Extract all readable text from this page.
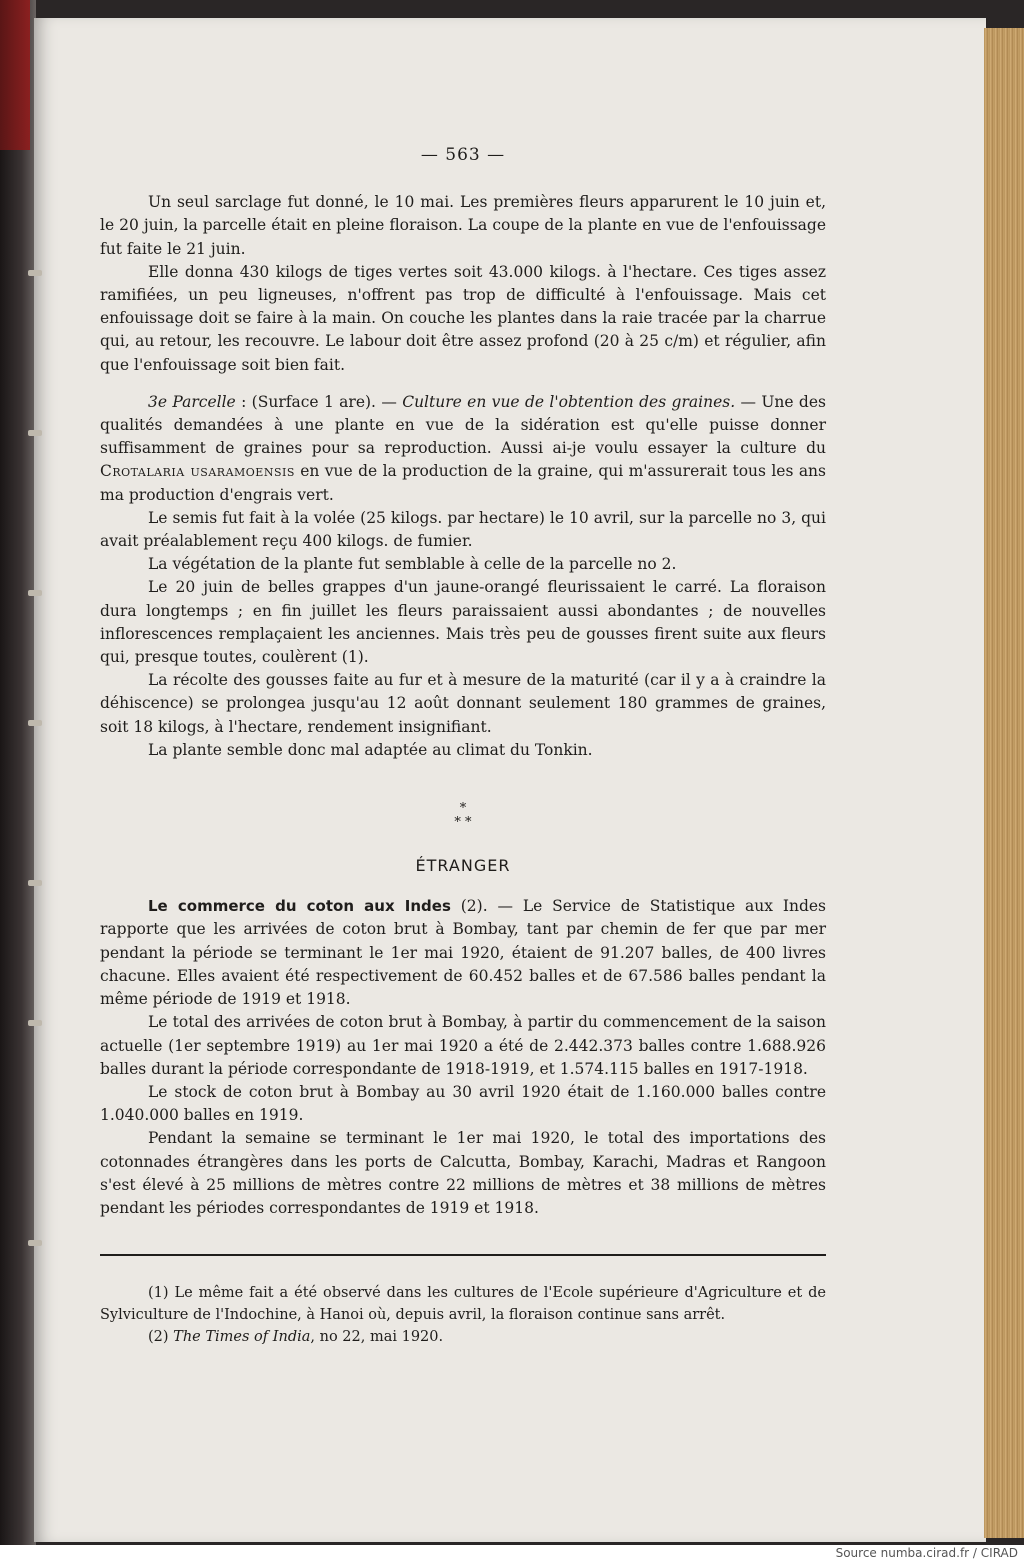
— 563 —

Un seul sarclage fut donné, le 10 mai. Les premières fleurs apparurent le 10 juin et, le 20 juin, la parcelle était en pleine floraison. La coupe de la plante en vue de l'enfouissage fut faite le 21 juin.

Elle donna 430 kilogs de tiges vertes soit 43.000 kilogs. à l'hectare. Ces tiges assez ramifiées, un peu ligneuses, n'offrent pas trop de difficulté à l'enfouissage. Mais cet enfouissage doit se faire à la main. On couche les plantes dans la raie tracée par la charrue qui, au retour, les recouvre. Le labour doit être assez profond (20 à 25 c/m) et régulier, afin que l'enfouissage soit bien fait.

3e Parcelle : (Surface 1 are). — Culture en vue de l'obtention des graines. — Une des qualités demandées à une plante en vue de la sidération est qu'elle puisse donner suffisamment de graines pour sa reproduction. Aussi ai-je voulu essayer la culture du Crotalaria usaramoensis en vue de la production de la graine, qui m'assurerait tous les ans ma production d'engrais vert.

Le semis fut fait à la volée (25 kilogs. par hectare) le 10 avril, sur la parcelle no 3, qui avait préalablement reçu 400 kilogs. de fumier.

La végétation de la plante fut semblable à celle de la parcelle no 2.

Le 20 juin de belles grappes d'un jaune-orangé fleurissaient le carré. La floraison dura longtemps ; en fin juillet les fleurs paraissaient aussi abondantes ; de nouvelles inflorescences remplaçaient les anciennes. Mais très peu de gousses firent suite aux fleurs qui, presque toutes, coulèrent (1).

La récolte des gousses faite au fur et à mesure de la maturité (car il y a à craindre la déhiscence) se prolongea jusqu'au 12 août donnant seulement 180 grammes de graines, soit 18 kilogs, à l'hectare, rendement insignifiant.

La plante semble donc mal adaptée au climat du Tonkin.

*
* *
ÉTRANGER

Le commerce du coton aux Indes (2). — Le Service de Statistique aux Indes rapporte que les arrivées de coton brut à Bombay, tant par chemin de fer que par mer pendant la période se terminant le 1er mai 1920, étaient de 91.207 balles, de 400 livres chacune. Elles avaient été respectivement de 60.452 balles et de 67.586 balles pendant la même période de 1919 et 1918.

Le total des arrivées de coton brut à Bombay, à partir du commencement de la saison actuelle (1er septembre 1919) au 1er mai 1920 a été de 2.442.373 balles contre 1.688.926 balles durant la période correspondante de 1918-1919, et 1.574.115 balles en 1917-1918.

Le stock de coton brut à Bombay au 30 avril 1920 était de 1.160.000 balles contre 1.040.000 balles en 1919.

Pendant la semaine se terminant le 1er mai 1920, le total des importations des cotonnades étrangères dans les ports de Calcutta, Bombay, Karachi, Madras et Rangoon s'est élevé à 25 millions de mètres contre 22 millions de mètres et 38 millions de mètres pendant les périodes correspondantes de 1919 et 1918.

(1) Le même fait a été observé dans les cultures de l'Ecole supérieure d'Agriculture et de Sylviculture de l'Indochine, à Hanoi où, depuis avril, la floraison continue sans arrêt.

(2) The Times of India, no 22, mai 1920.

Source numba.cirad.fr / CIRAD
